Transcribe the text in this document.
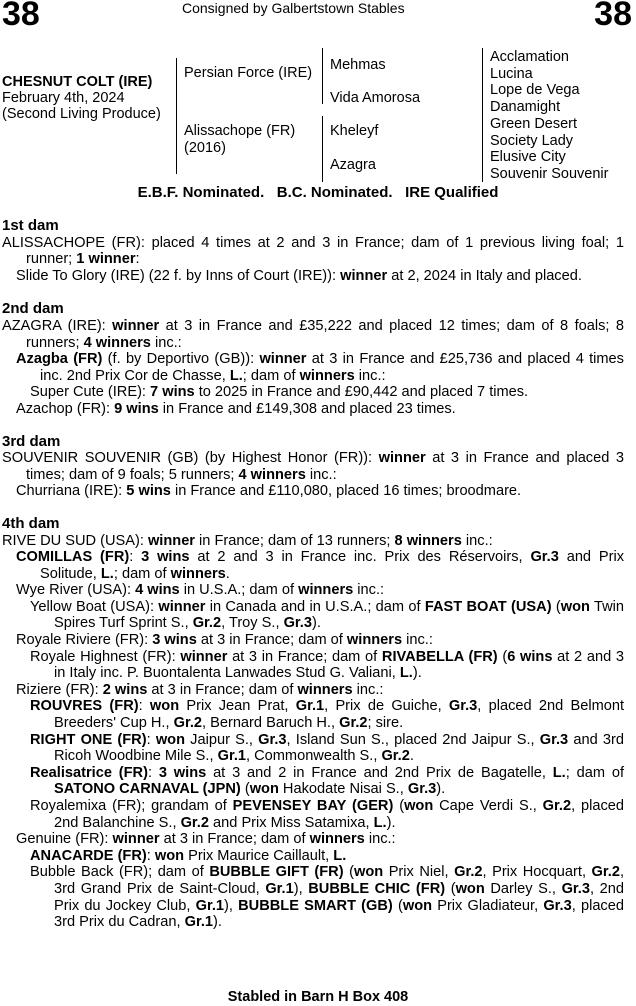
38	Consigned by Galbertstown Stables	38
CHESNUT COLT (IRE)
February 4th, 2024
(Second Living Produce)
Persian Force (IRE)
Alissachope (FR) (2016)
Mehmas
Vida Amorosa
Kheleyf
Azagra
Acclamation
Lucina
Lope de Vega
Danamight
Green Desert
Society Lady
Elusive City
Souvenir Souvenir
E.B.F. Nominated.   B.C. Nominated.   IRE Qualified
1st dam
ALISSACHOPE (FR): placed 4 times at 2 and 3 in France; dam of 1 previous living foal; 1 runner; 1 winner:
Slide To Glory (IRE) (22 f. by Inns of Court (IRE)): winner at 2, 2024 in Italy and placed.
2nd dam
AZAGRA (IRE): winner at 3 in France and £35,222 and placed 12 times; dam of 8 foals; 8 runners; 4 winners inc.:
Azagba (FR) (f. by Deportivo (GB)): winner at 3 in France and £25,736 and placed 4 times inc. 2nd Prix Cor de Chasse, L.; dam of winners inc.:
Super Cute (IRE): 7 wins to 2025 in France and £90,442 and placed 7 times.
Azachop (FR): 9 wins in France and £149,308 and placed 23 times.
3rd dam
SOUVENIR SOUVENIR (GB) (by Highest Honor (FR)): winner at 3 in France and placed 3 times; dam of 9 foals; 5 runners; 4 winners inc.:
Churriana (IRE): 5 wins in France and £110,080, placed 16 times; broodmare.
4th dam
RIVE DU SUD (USA): winner in France; dam of 13 runners; 8 winners inc.:
COMILLAS (FR): 3 wins at 2 and 3 in France inc. Prix des Réservoirs, Gr.3 and Prix Solitude, L.; dam of winners.
Wye River (USA): 4 wins in U.S.A.; dam of winners inc.:
Yellow Boat (USA): winner in Canada and in U.S.A.; dam of FAST BOAT (USA) (won Twin Spires Turf Sprint S., Gr.2, Troy S., Gr.3).
Royale Riviere (FR): 3 wins at 3 in France; dam of winners inc.:
Royale Highnest (FR): winner at 3 in France; dam of RIVABELLA (FR) (6 wins at 2 and 3 in Italy inc. P. Buontalenta Lanwades Stud G. Valiani, L.).
Riziere (FR): 2 wins at 3 in France; dam of winners inc.:
ROUVRES (FR): won Prix Jean Prat, Gr.1, Prix de Guiche, Gr.3, placed 2nd Belmont Breeders' Cup H., Gr.2, Bernard Baruch H., Gr.2; sire.
RIGHT ONE (FR): won Jaipur S., Gr.3, Island Sun S., placed 2nd Jaipur S., Gr.3 and 3rd Ricoh Woodbine Mile S., Gr.1, Commonwealth S., Gr.2.
Realisatrice (FR): 3 wins at 3 and 2 in France and 2nd Prix de Bagatelle, L.; dam of SATONO CARNAVAL (JPN) (won Hakodate Nisai S., Gr.3).
Royalemixa (FR); grandam of PEVENSEY BAY (GER) (won Cape Verdi S., Gr.2, placed 2nd Balanchine S., Gr.2 and Prix Miss Satamixa, L.).
Genuine (FR): winner at 3 in France; dam of winners inc.:
ANACARDE (FR): won Prix Maurice Caillault, L.
Bubble Back (FR); dam of BUBBLE GIFT (FR) (won Prix Niel, Gr.2, Prix Hocquart, Gr.2, 3rd Grand Prix de Saint-Cloud, Gr.1), BUBBLE CHIC (FR) (won Darley S., Gr.3, 2nd Prix du Jockey Club, Gr.1), BUBBLE SMART (GB) (won Prix Gladiateur, Gr.3, placed 3rd Prix du Cadran, Gr.1).
Stabled in Barn H Box 408
